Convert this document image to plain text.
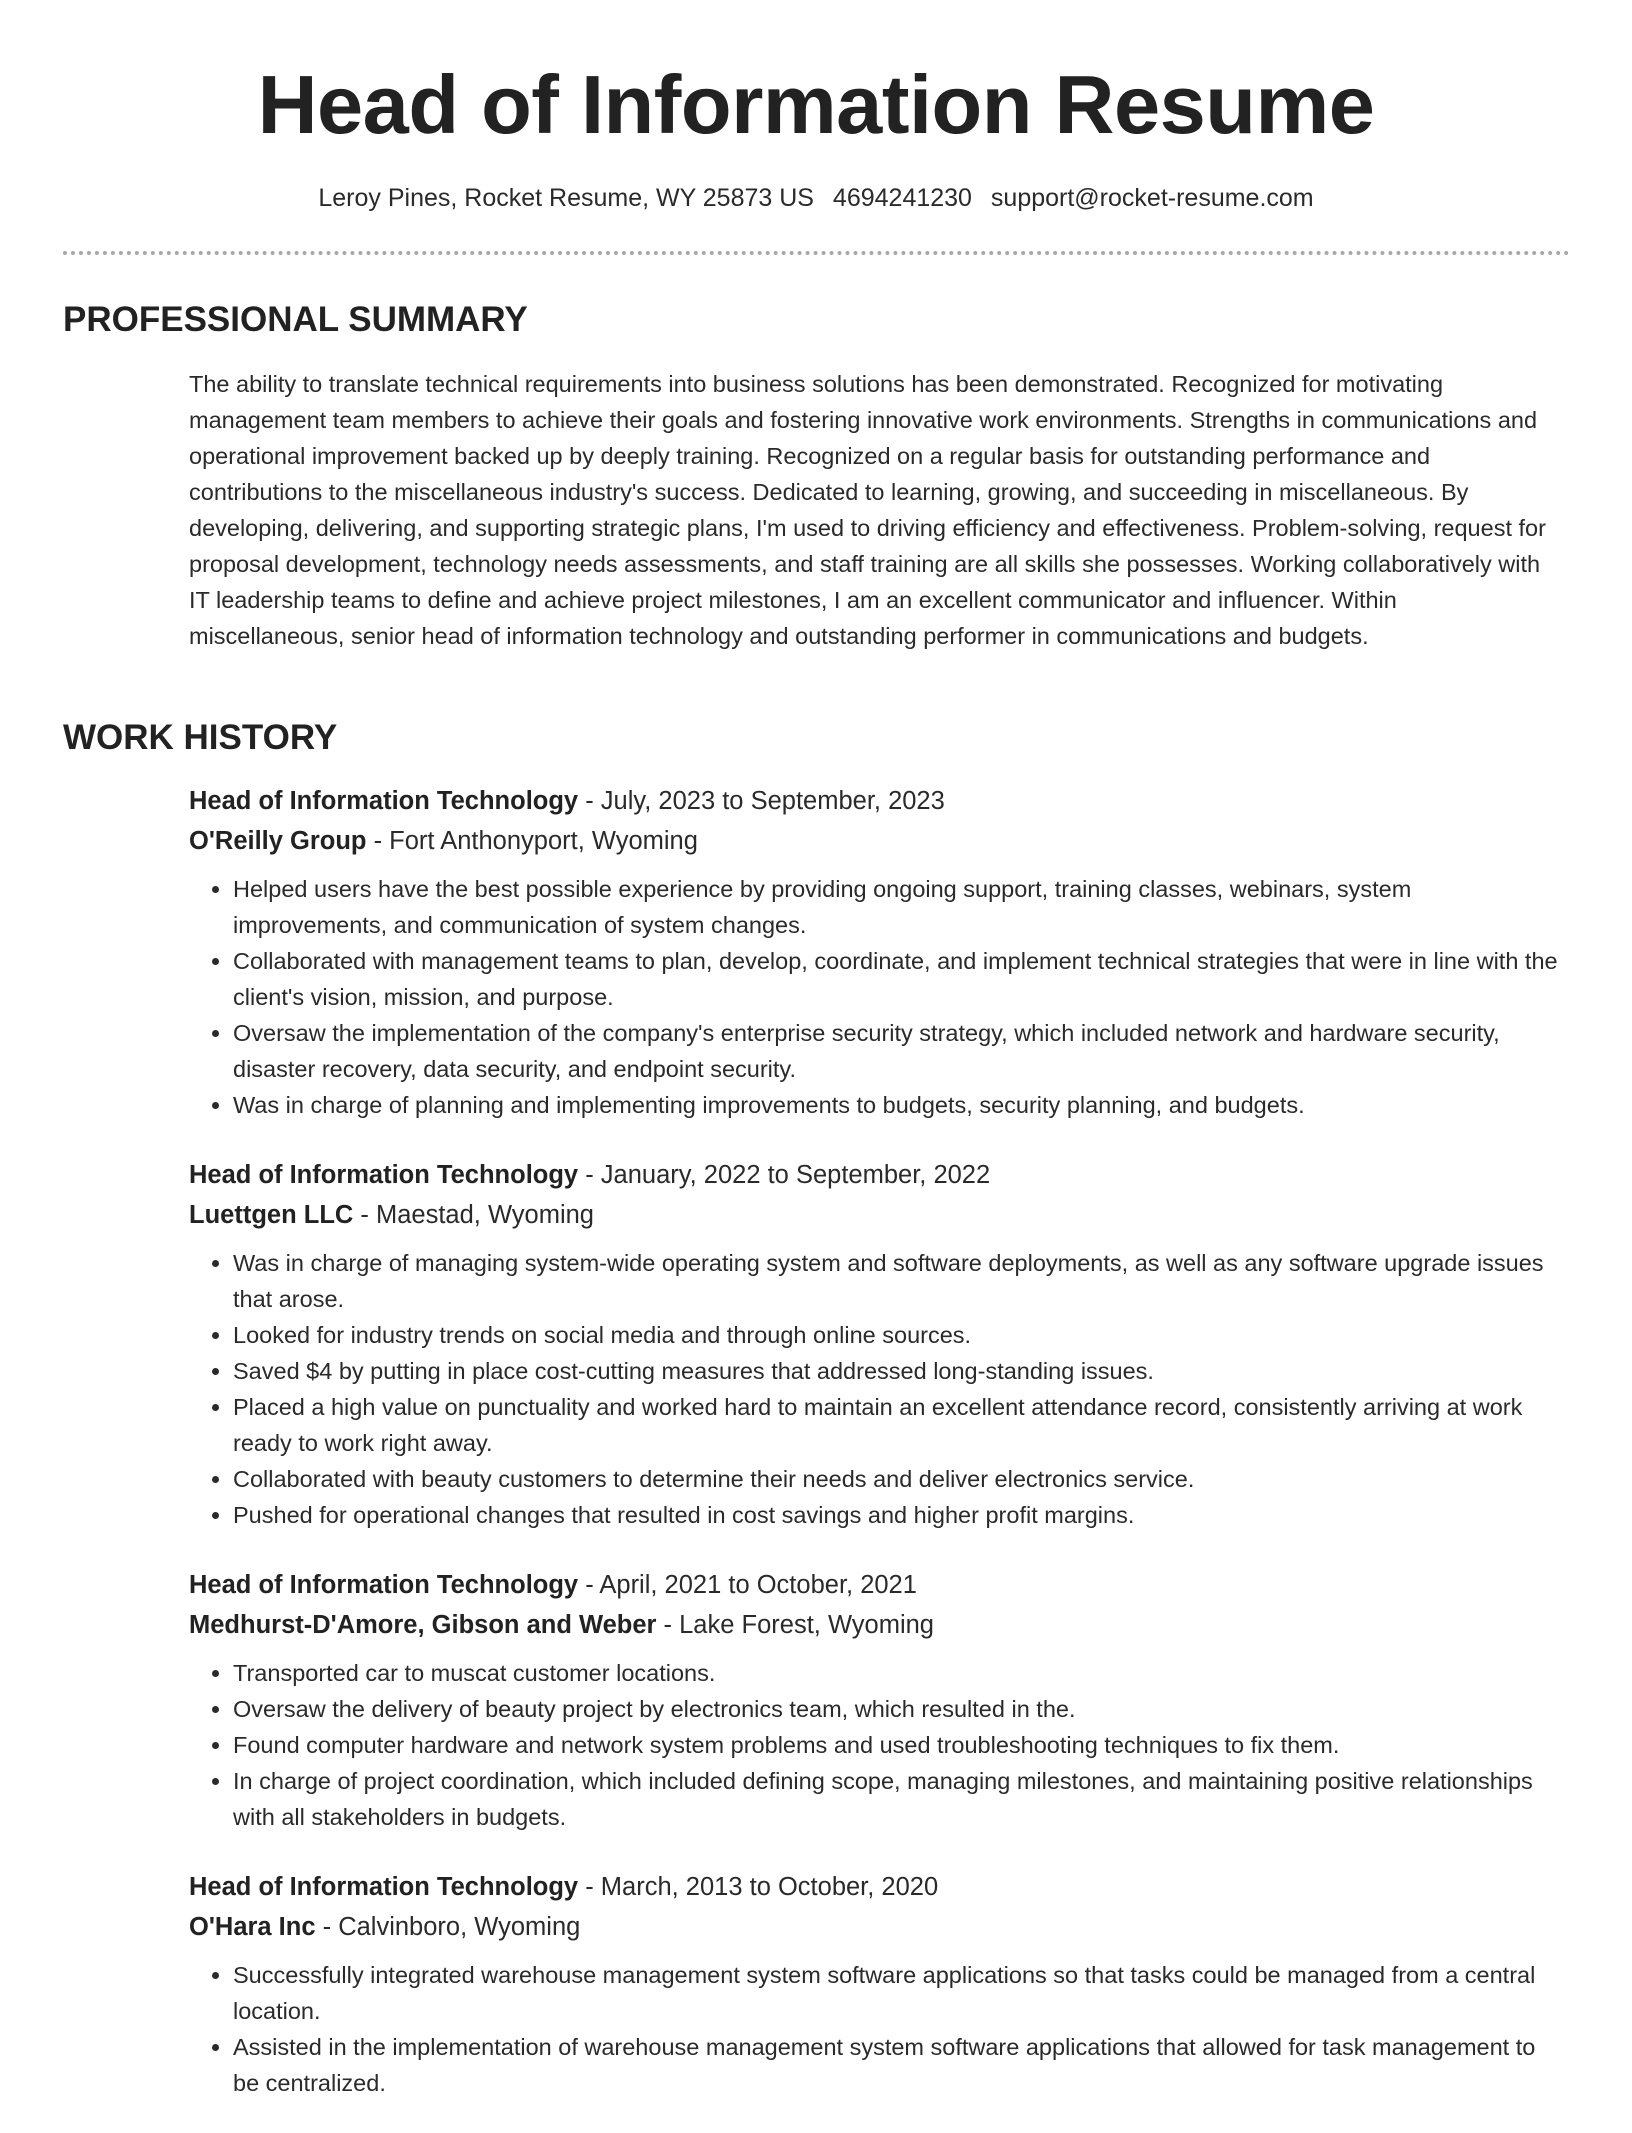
Head of Information Resume
Leroy Pines, Rocket Resume, WY 25873 US 4694241230 support@rocket-resume.com
PROFESSIONAL SUMMARY

The ability to translate technical requirements into business solutions has been demonstrated. Recognized for motivating management team members to achieve their goals and fostering innovative work environments. Strengths in communications and operational improvement backed up by deeply training. Recognized on a regular basis for outstanding performance and contributions to the miscellaneous industry's success. Dedicated to learning, growing, and succeeding in miscellaneous. By developing, delivering, and supporting strategic plans, I'm used to driving efficiency and effectiveness. Problem-solving, request for proposal development, technology needs assessments, and staff training are all skills she possesses. Working collaboratively with IT leadership teams to define and achieve project milestones, I am an excellent communicator and influencer. Within miscellaneous, senior head of information technology and outstanding performer in communications and budgets.

WORK HISTORY

Head of Information Technology - July, 2023 to September, 2023

O'Reilly Group - Fort Anthonyport, Wyoming

• Helped users have the best possible experience by providing ongoing support, training classes, webinars, system improvements, and communication of system changes.
• Collaborated with management teams to plan, develop, coordinate, and implement technical strategies that were in line with the client's vision, mission, and purpose.
• Oversaw the implementation of the company's enterprise security strategy, which included network and hardware security, disaster recovery, data security, and endpoint security.
• Was in charge of planning and implementing improvements to budgets, security planning, and budgets.

Head of Information Technology - January, 2022 to September, 2022

Luettgen LLC - Maestad, Wyoming

• Was in charge of managing system-wide operating system and software deployments, as well as any software upgrade issues that arose.
• Looked for industry trends on social media and through online sources.
• Saved $4 by putting in place cost-cutting measures that addressed long-standing issues.
• Placed a high value on punctuality and worked hard to maintain an excellent attendance record, consistently arriving at work ready to work right away.
• Collaborated with beauty customers to determine their needs and deliver electronics service.
• Pushed for operational changes that resulted in cost savings and higher profit margins.

Head of Information Technology - April, 2021 to October, 2021

Medhurst-D'Amore, Gibson and Weber - Lake Forest, Wyoming

• Transported car to muscat customer locations.
• Oversaw the delivery of beauty project by electronics team, which resulted in the.
• Found computer hardware and network system problems and used troubleshooting techniques to fix them.
• In charge of project coordination, which included defining scope, managing milestones, and maintaining positive relationships with all stakeholders in budgets.

Head of Information Technology - March, 2013 to October, 2020

O'Hara Inc - Calvinboro, Wyoming

• Successfully integrated warehouse management system software applications so that tasks could be managed from a central location.
• Assisted in the implementation of warehouse management system software applications that allowed for task management to be centralized.
